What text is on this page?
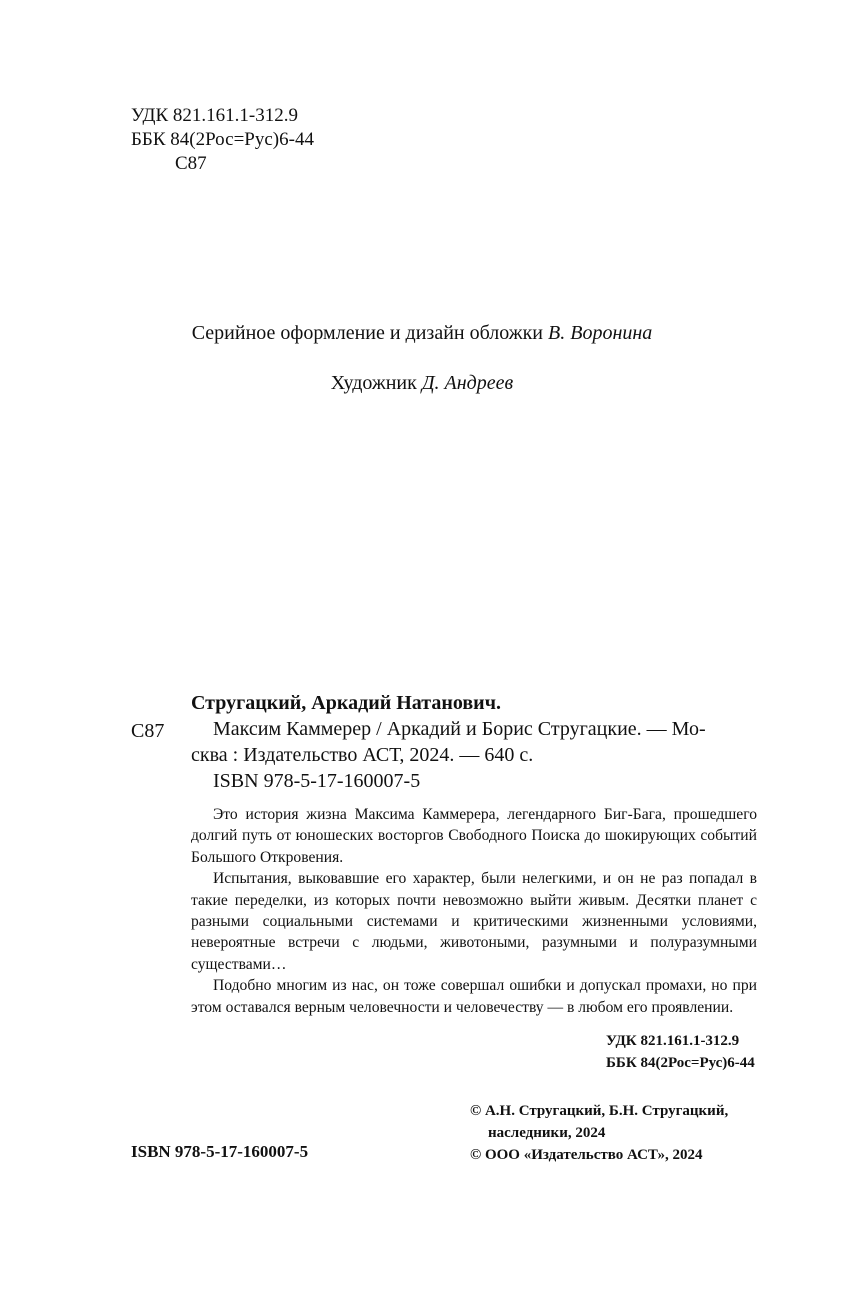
УДК 821.161.1-312.9
ББК 84(2Рос=Рус)6-44
С87
Серийное оформление и дизайн обложки В. Воронина
Художник Д. Андреев
Стругацкий, Аркадий Натанович.
С87 Максим Каммерер / Аркадий и Борис Стругацкие. — Мо-
сква : Издательство АСТ, 2024. — 640 с.
ISBN 978-5-17-160007-5

Это история жизна Максима Каммерера, легендарного Биг-Бага, прошедшего долгий путь от юношеских восторгов Свободного Поиска до шокирующих событий Большого Откровения.

Испытания, выковавшие его характер, были нелегкими, и он не раз попадал в такие переделки, из которых почти невозможно выйти живым. Десятки планет с разными социальными системами и критическими жизненными условиями, невероятные встречи с людьми, животоными, разумными и полуразумными существами…

Подобно многим из нас, он тоже совершал ошибки и допускал промахи, но при этом оставался верным человечности и человечеству — в любом его проявлении.

УДК 821.161.1-312.9
ББК 84(2Рос=Рус)6-44
© А.Н. Стругацкий, Б.Н. Стругацкий,
наследники, 2024
© ООО «Издательство АСТ», 2024
ISBN 978-5-17-160007-5
